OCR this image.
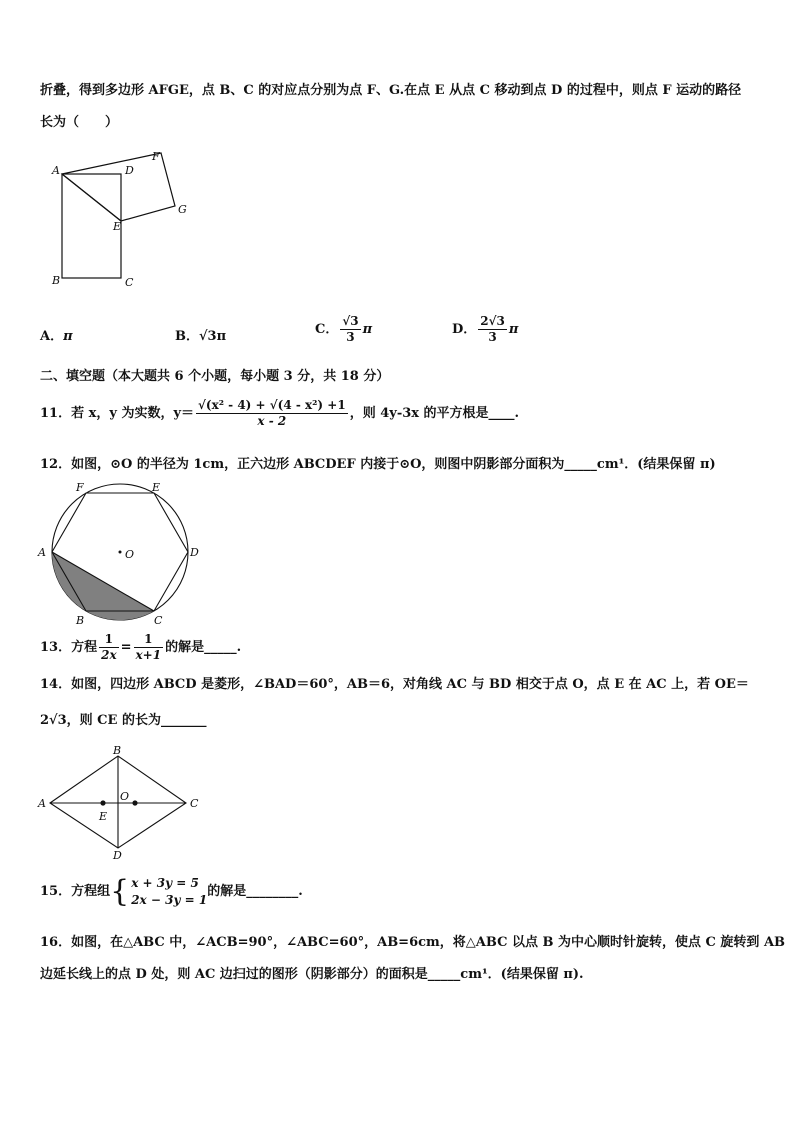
折叠，得到多边形 AFGE，点 B、C 的对应点分别为点 F、G.在点 E 从点 C 移动到点 D 的过程中，则点 F 运动的路径
长为（　　）
A	D
F
E
G
B	C
A．π	B．√3π	C． $\frac{√3}{3}$ π	D． $\frac{2√3}{3}$ π
二、填空题（本大题共 6 个小题，每小题 3 分，共 18 分）
11．若 x，y 为实数，$y= \frac{\text{√(x² - 4) + √(4 - x²) +1}}{x - 2}$ ，则 4y-3x 的平方根是____.
12．如图，⊙O 的半径为 1cm，正六边形 ABCDEF 内接于⊙O，则图中阴影部分面积为_____cm¹．(结果保留 π)
F	E
A	O	D
B	C
13．方程 $\frac{1}{2x} = \frac{1}{x+1}$ 的解是_____.
14．如图，四边形 ABCD 是菱形，∠BAD＝60°，AB＝6，对角线 AC 与 BD 相交于点 O，点 E 在 AC 上，若 OE＝
2√3，则 CE 的长为_______
B
A
O
C
E
D
15．方程组{ x + 3y = 5
2x − 3y = 1
的解是________.
16．如图，在△ABC 中，∠ACB=90°，∠ABC=60°，AB=6cm，将△ABC 以点 B 为中心顺时针旋转，使点 C 旋转到 AB
边延长线上的点 D 处，则 AC 边扫过的图形（阴影部分）的面积是_____cm¹．(结果保留 π).
